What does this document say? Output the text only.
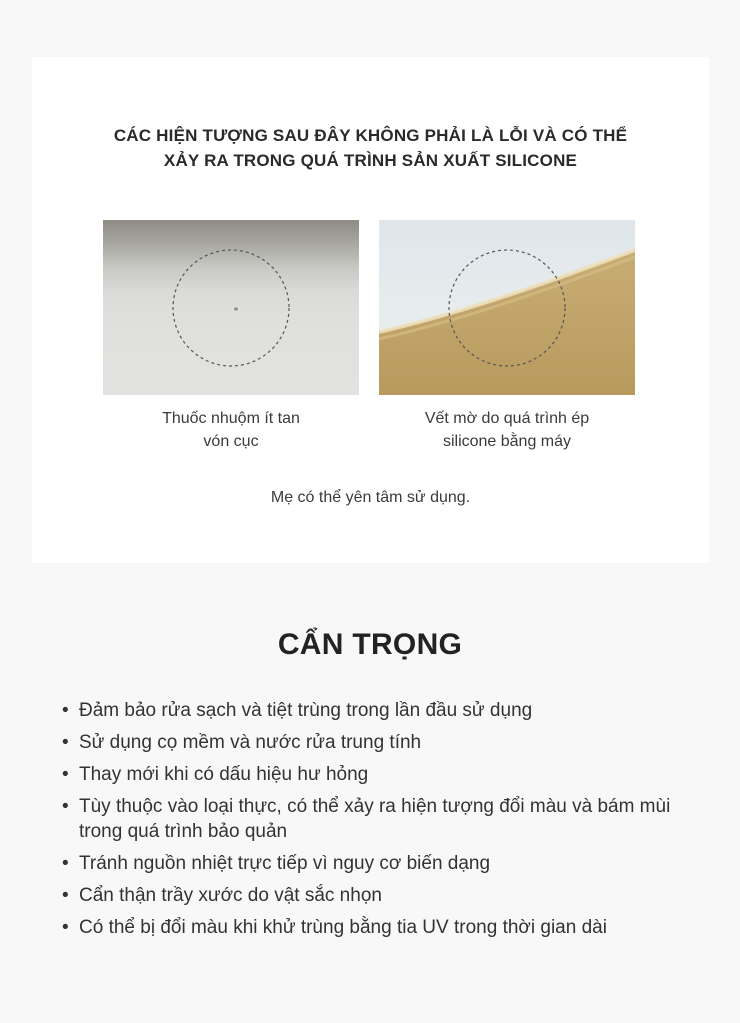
CÁC HIỆN TƯỢNG SAU ĐÂY KHÔNG PHẢI LÀ LỖI VÀ CÓ THỂ
XẢY RA TRONG QUÁ TRÌNH SẢN XUẤT SILICONE
Thuốc nhuộm ít tan
vón cục
Vết mờ do quá trình ép
silicone bằng máy
Mẹ có thể yên tâm sử dụng.
CẨN TRỌNG
• Đảm bảo rửa sạch và tiệt trùng trong lần đầu sử dụng
• Sử dụng cọ mềm và nước rửa trung tính
• Thay mới khi có dấu hiệu hư hỏng
• Tùy thuộc vào loại thực, có thể xảy ra hiện tượng đổi màu và bám mùi trong quá trình bảo quản
• Tránh nguồn nhiệt trực tiếp vì nguy cơ biến dạng
• Cẩn thận trầy xước do vật sắc nhọn
• Có thể bị đổi màu khi khử trùng bằng tia UV trong thời gian dài
